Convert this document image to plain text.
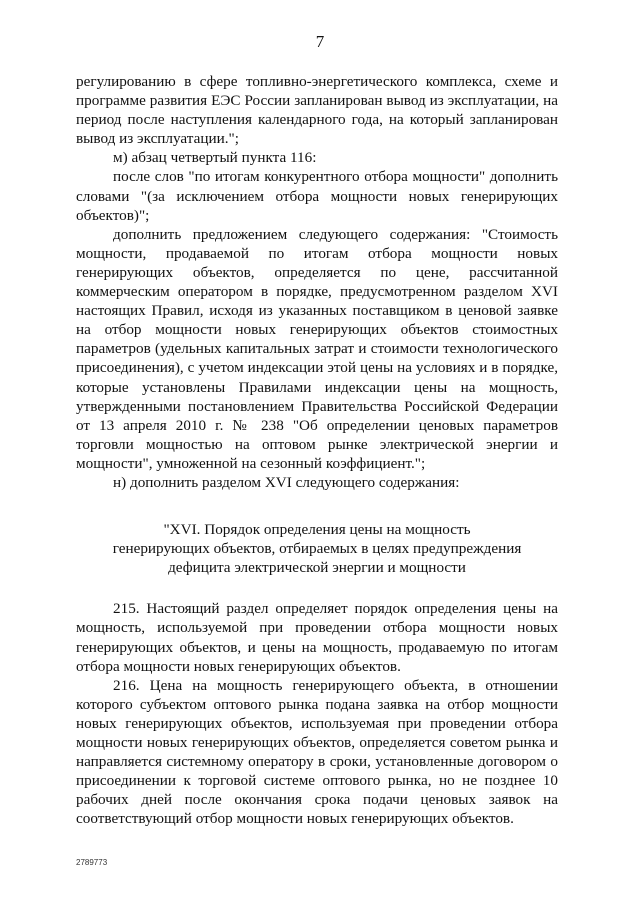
7

регулированию в сфере топливно-энергетического комплекса, схеме и программе развития ЕЭС России запланирован вывод из эксплуатации, на период после наступления календарного года, на который запланирован вывод из эксплуатации.";

м) абзац четвертый пункта 116:

после слов "по итогам конкурентного отбора мощности" дополнить словами "(за исключением отбора мощности новых генерирующих объектов)";

дополнить предложением следующего содержания: "Стоимость мощности, продаваемой по итогам отбора мощности новых генерирующих объектов, определяется по цене, рассчитанной коммерческим оператором в порядке, предусмотренном разделом XVI настоящих Правил, исходя из указанных поставщиком в ценовой заявке на отбор мощности новых генерирующих объектов стоимостных параметров (удельных капитальных затрат и стоимости технологического присоединения), с учетом индексации этой цены на условиях и в порядке, которые установлены Правилами индексации цены на мощность, утвержденными постановлением Правительства Российской Федерации от 13 апреля 2010 г. № 238 "Об определении ценовых параметров торговли мощностью на оптовом рынке электрической энергии и мощности", умноженной на сезонный коэффициент.";

н) дополнить разделом XVI следующего содержания:

"XVI. Порядок определения цены на мощность
генерирующих объектов, отбираемых в целях предупреждения
дефицита электрической энергии и мощности

215. Настоящий раздел определяет порядок определения цены на мощность, используемой при проведении отбора мощности новых генерирующих объектов, и цены на мощность, продаваемую по итогам отбора мощности новых генерирующих объектов.

216. Цена на мощность генерирующего объекта, в отношении которого субъектом оптового рынка подана заявка на отбор мощности новых генерирующих объектов, используемая при проведении отбора мощности новых генерирующих объектов, определяется советом рынка и направляется системному оператору в сроки, установленные договором о присоединении к торговой системе оптового рынка, но не позднее 10 рабочих дней после окончания срока подачи ценовых заявок на соответствующий отбор мощности новых генерирующих объектов.

2789773
